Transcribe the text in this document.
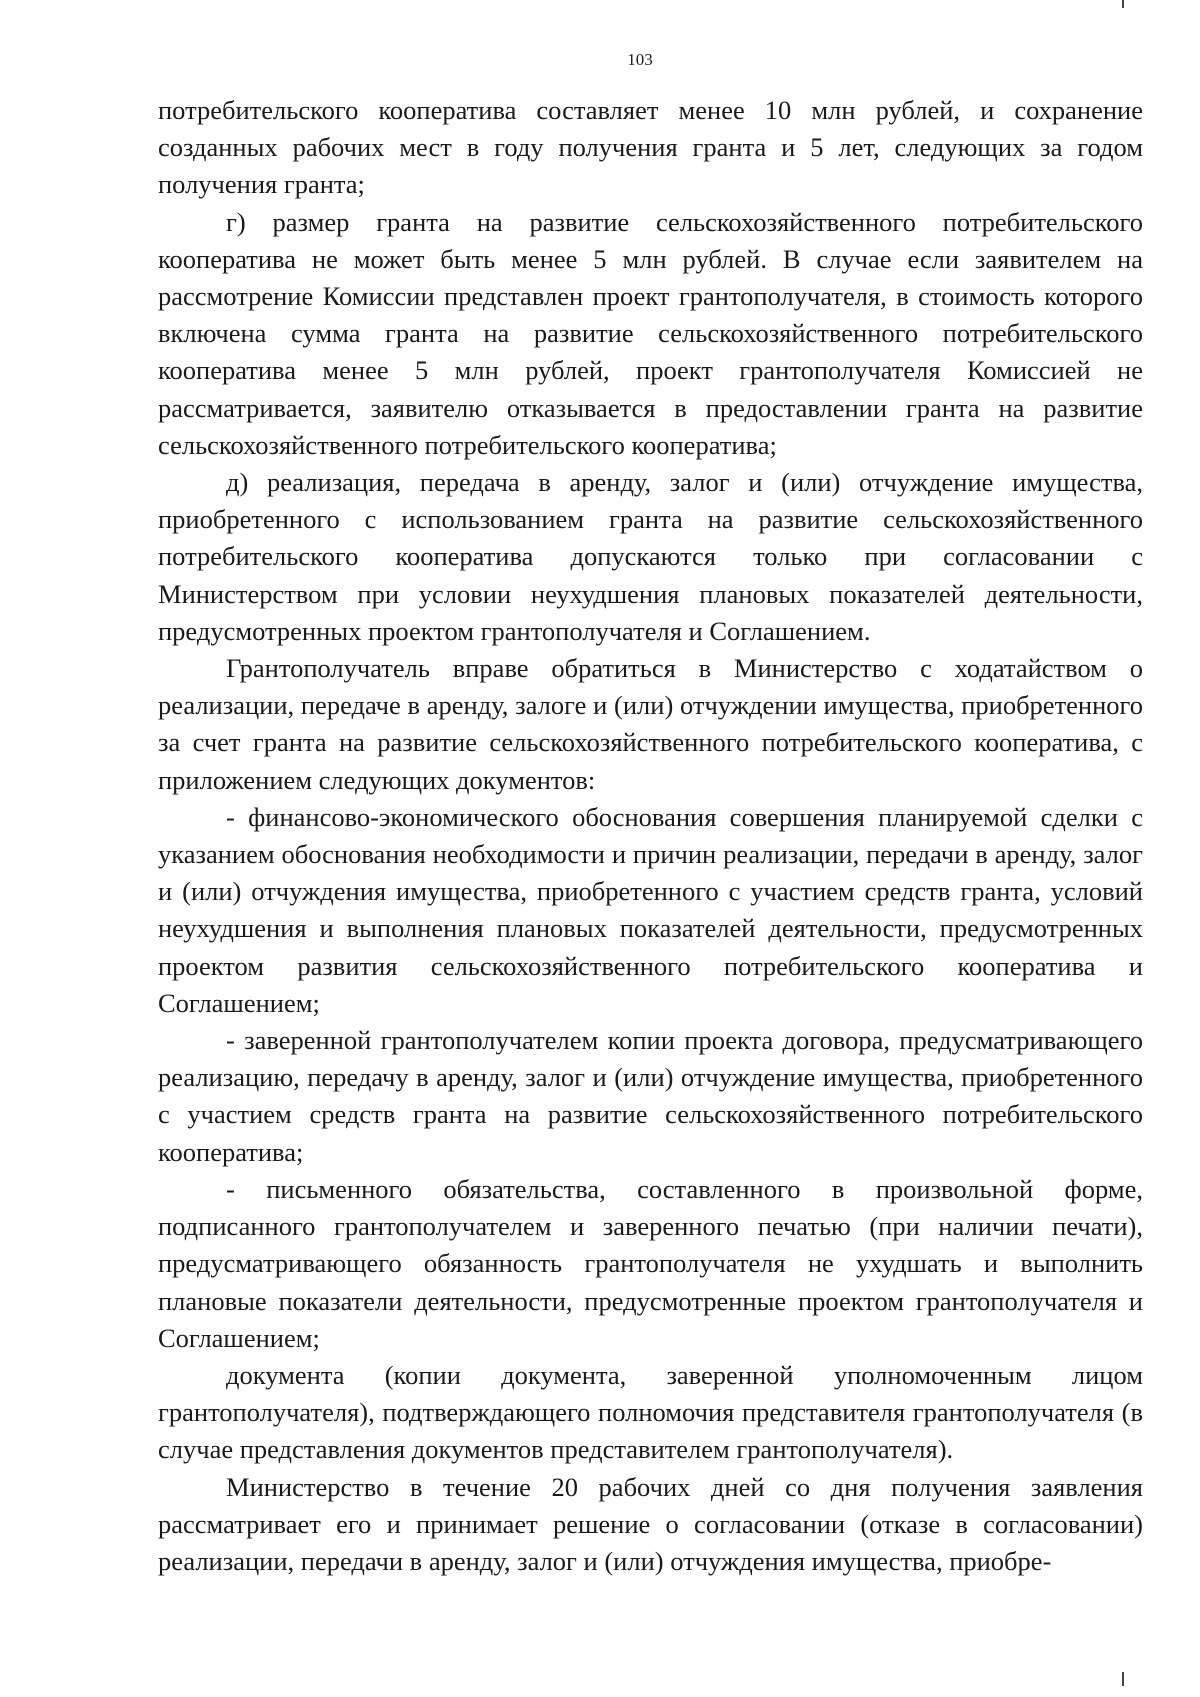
103

потребительского кооператива составляет менее 10 млн рублей, и сохранение созданных рабочих мест в году получения гранта и 5 лет, следующих за годом получения гранта;

г) размер гранта на развитие сельскохозяйственного потребительского кооператива не может быть менее 5 млн рублей. В случае если заявителем на рассмотрение Комиссии представлен проект грантополучателя, в стоимость которого включена сумма гранта на развитие сельскохозяйственного потребительского кооператива менее 5 млн рублей, проект грантополучателя Комиссией не рассматривается, заявителю отказывается в предоставлении гранта на развитие сельскохозяйственного потребительского кооператива;

д) реализация, передача в аренду, залог и (или) отчуждение имущества, приобретенного с использованием гранта на развитие сельскохозяйственного потребительского кооператива допускаются только при согласовании с Министерством при условии неухудшения плановых показателей деятельности, предусмотренных проектом грантополучателя и Соглашением.

Грантополучатель вправе обратиться в Министерство с ходатайством о реализации, передаче в аренду, залоге и (или) отчуждении имущества, приобретенного за счет гранта на развитие сельскохозяйственного потребительского кооператива, с приложением следующих документов:

- финансово-экономического обоснования совершения планируемой сделки с указанием обоснования необходимости и причин реализации, передачи в аренду, залог и (или) отчуждения имущества, приобретенного с участием средств гранта, условий неухудшения и выполнения плановых показателей деятельности, предусмотренных проектом развития сельскохозяйственного потребительского кооператива и Соглашением;

- заверенной грантополучателем копии проекта договора, предусматривающего реализацию, передачу в аренду, залог и (или) отчуждение имущества, приобретенного с участием средств гранта на развитие сельскохозяйственного потребительского кооператива;

- письменного обязательства, составленного в произвольной форме, подписанного грантополучателем и заверенного печатью (при наличии печати), предусматривающего обязанность грантополучателя не ухудшать и выполнить плановые показатели деятельности, предусмотренные проектом грантополучателя и Соглашением;

документа (копии документа, заверенной уполномоченным лицом грантополучателя), подтверждающего полномочия представителя грантополучателя (в случае представления документов представителем грантополучателя).

Министерство в течение 20 рабочих дней со дня получения заявления рассматривает его и принимает решение о согласовании (отказе в согласовании) реализации, передачи в аренду, залог и (или) отчуждения имущества, приобре-
